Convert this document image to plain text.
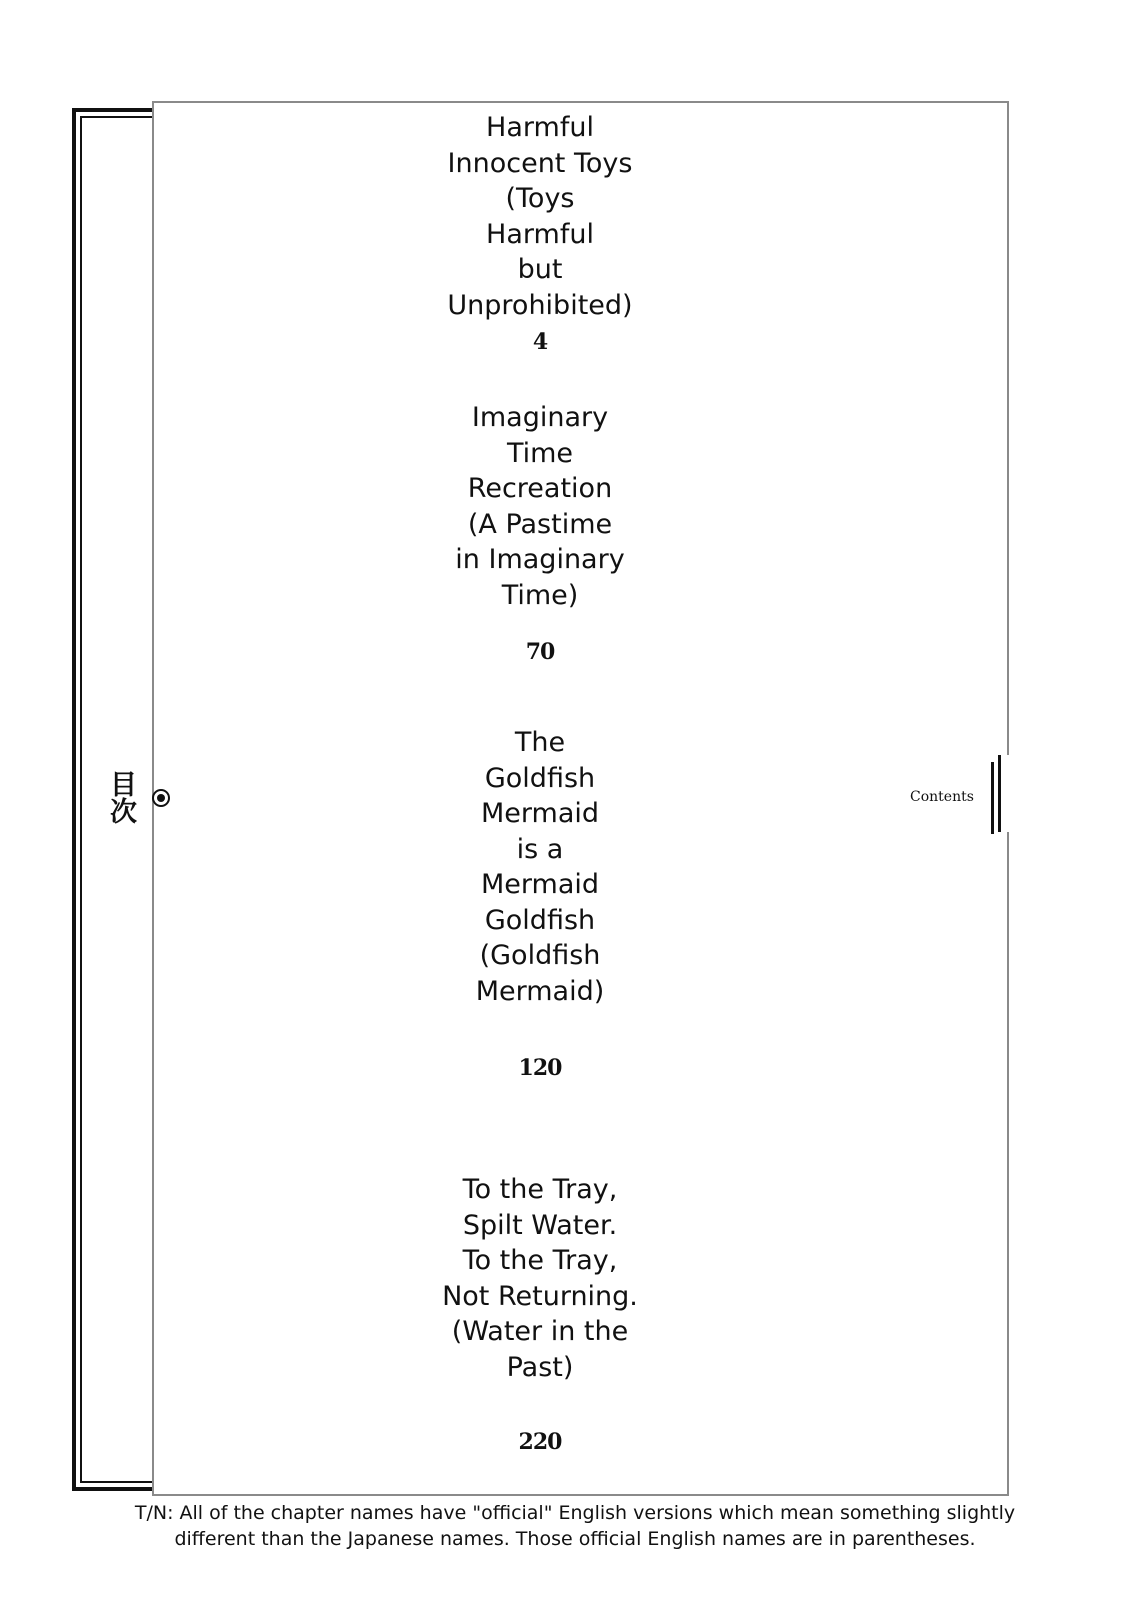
目次	Contents
Harmful
Innocent Toys
(Toys
Harmful
but
Unprohibited)
4
Imaginary
Time
Recreation
(A Pastime
in Imaginary
Time)
70
The
Goldfish
Mermaid
is a
Mermaid
Goldfish
(Goldfish
Mermaid)
120
To the Tray,
Spilt Water.
To the Tray,
Not Returning.
(Water in the
Past)
220
T/N: All of the chapter names have "official" English versions which mean something slightly
different than the Japanese names. Those official English names are in parentheses.
